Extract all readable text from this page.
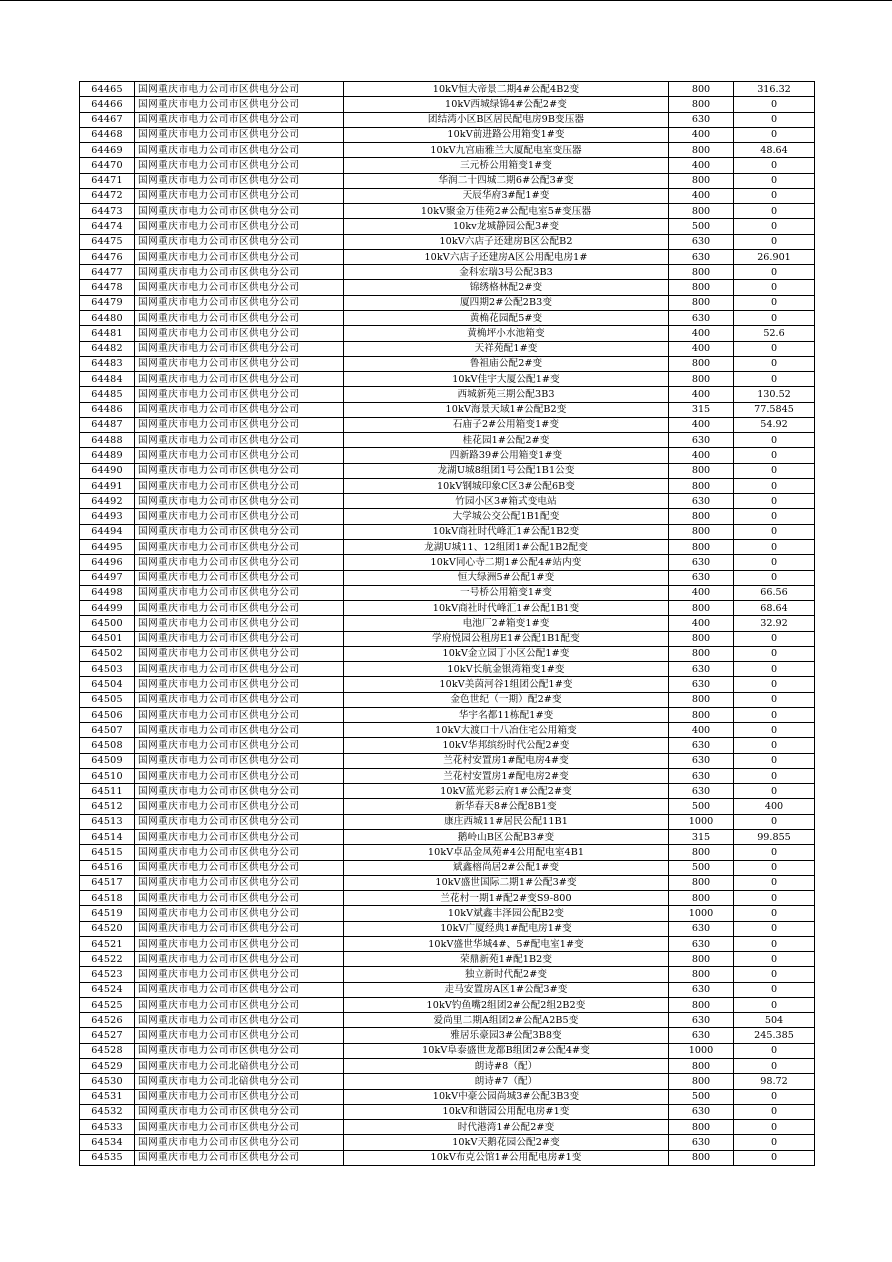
64465	国网重庆市电力公司市区供电分公司	10kV恒大帝景二期4#公配4B2变	800	316.32
64466	国网重庆市电力公司市区供电分公司	10kV西城绿锦4#公配2#变	800	0
64467	国网重庆市电力公司市区供电分公司	团结湾小区B区居民配电房9B变压器	630	0
64468	国网重庆市电力公司市区供电分公司	10kV前进路公用箱变1#变	400	0
64469	国网重庆市电力公司市区供电分公司	10kV九宫庙雅兰大厦配电室变压器	800	48.64
64470	国网重庆市电力公司市区供电分公司	三元桥公用箱变1#变	400	0
64471	国网重庆市电力公司市区供电分公司	华润二十四城二期6#公配3#变	800	0
64472	国网重庆市电力公司市区供电分公司	天辰华府3#配1#变	400	0
64473	国网重庆市电力公司市区供电分公司	10kV聚金万佳苑2#公配电室5#变压器	800	0
64474	国网重庆市电力公司市区供电分公司	10kv龙城静园公配3#变	500	0
64475	国网重庆市电力公司市区供电分公司	10kV六店子还建房B区公配B2	630	0
64476	国网重庆市电力公司市区供电分公司	10kV六店子还建房A区公用配电房1#	630	26.901
64477	国网重庆市电力公司市区供电分公司	金科宏瑞3号公配3B3	800	0
64478	国网重庆市电力公司市区供电分公司	锦绣格林配2#变	800	0
64479	国网重庆市电力公司市区供电分公司	厦四期2#公配2B3变	800	0
64480	国网重庆市电力公司市区供电分公司	黄桷花园配5#变	630	0
64481	国网重庆市电力公司市区供电分公司	黄桷坪小水池箱变	400	52.6
64482	国网重庆市电力公司市区供电分公司	天祥苑配1#变	400	0
64483	国网重庆市电力公司市区供电分公司	鲁祖庙公配2#变	800	0
64484	国网重庆市电力公司市区供电分公司	10kV佳宇大厦公配1#变	800	0
64485	国网重庆市电力公司市区供电分公司	西城新苑三期公配3B3	400	130.52
64486	国网重庆市电力公司市区供电分公司	10kV海景天域1#公配B2变	315	77.5845
64487	国网重庆市电力公司市区供电分公司	石庙子2#公用箱变1#变	400	54.92
64488	国网重庆市电力公司市区供电分公司	桂花园1#公配2#变	630	0
64489	国网重庆市电力公司市区供电分公司	四新路39#公用箱变1#变	400	0
64490	国网重庆市电力公司市区供电分公司	龙湖U城8组团1号公配1B1公变	800	0
64491	国网重庆市电力公司市区供电分公司	10kV钢城印象C区3#公配6B变	800	0
64492	国网重庆市电力公司市区供电分公司	竹园小区3#箱式变电站	630	0
64493	国网重庆市电力公司市区供电分公司	大学城公交公配1B1配变	800	0
64494	国网重庆市电力公司市区供电分公司	10kV商社时代峰汇1#公配1B2变	800	0
64495	国网重庆市电力公司市区供电分公司	龙湖U城11、12组团1#公配1B2配变	800	0
64496	国网重庆市电力公司市区供电分公司	10kV同心寺二期1#公配4#站内变	630	0
64497	国网重庆市电力公司市区供电分公司	恒大绿洲5#公配1#变	630	0
64498	国网重庆市电力公司市区供电分公司	一号桥公用箱变1#变	400	66.56
64499	国网重庆市电力公司市区供电分公司	10kV商社时代峰汇1#公配1B1变	800	68.64
64500	国网重庆市电力公司市区供电分公司	电池厂2#箱变1#变	400	32.92
64501	国网重庆市电力公司市区供电分公司	学府悦园公租房E1#公配1B1配变	800	0
64502	国网重庆市电力公司市区供电分公司	10kV金立园丁小区公配1#变	800	0
64503	国网重庆市电力公司市区供电分公司	10kV长航金银湾箱变1#变	630	0
64504	国网重庆市电力公司市区供电分公司	10kV美茵河谷1组团公配1#变	630	0
64505	国网重庆市电力公司市区供电分公司	金色世纪（一期）配2#变	800	0
64506	国网重庆市电力公司市区供电分公司	华宇名都11栋配1#变	800	0
64507	国网重庆市电力公司市区供电分公司	10kV大渡口十八冶住宅公用箱变	400	0
64508	国网重庆市电力公司市区供电分公司	10kV华邦缤纷时代公配2#变	630	0
64509	国网重庆市电力公司市区供电分公司	兰花村安置房1#配电房4#变	630	0
64510	国网重庆市电力公司市区供电分公司	兰花村安置房1#配电房2#变	630	0
64511	国网重庆市电力公司市区供电分公司	10kV蓝光彩云府1#公配2#变	630	0
64512	国网重庆市电力公司市区供电分公司	新华春天8#公配8B1变	500	400
64513	国网重庆市电力公司市区供电分公司	康庄西城11#居民公配11B1	1000	0
64514	国网重庆市电力公司市区供电分公司	鹅岭山B区公配B3#变	315	99.855
64515	国网重庆市电力公司市区供电分公司	10kV卓品金凤苑#4公用配电室4B1	800	0
64516	国网重庆市电力公司市区供电分公司	斌鑫榕尚居2#公配1#变	500	0
64517	国网重庆市电力公司市区供电分公司	10kV盛世国际二期1#公配3#变	800	0
64518	国网重庆市电力公司市区供电分公司	兰花村一期1#配2#变S9-800	800	0
64519	国网重庆市电力公司市区供电分公司	10kV斌鑫丰泽园公配B2变	1000	0
64520	国网重庆市电力公司市区供电分公司	10kV广厦经典1#配电房1#变	630	0
64521	国网重庆市电力公司市区供电分公司	10kV盛世华城4#、5#配电室1#变	630	0
64522	国网重庆市电力公司市区供电分公司	荣鼎新苑1#配1B2变	800	0
64523	国网重庆市电力公司市区供电分公司	独立新时代配2#变	800	0
64524	国网重庆市电力公司市区供电分公司	走马安置房A区1#公配3#变	630	0
64525	国网重庆市电力公司市区供电分公司	10kV钓鱼嘴2组团2#公配2组2B2变	800	0
64526	国网重庆市电力公司市区供电分公司	爱尚里二期A组团2#公配A2B5变	630	504
64527	国网重庆市电力公司市区供电分公司	雅居乐豪园3#公配3B8变	630	245.385
64528	国网重庆市电力公司市区供电分公司	10kV阜泰盛世龙都B组团2#公配4#变	1000	0
64529	国网重庆市电力公司北碚供电分公司	朗诗#8（配）	800	0
64530	国网重庆市电力公司北碚供电分公司	朗诗#7（配）	800	98.72
64531	国网重庆市电力公司市区供电分公司	10kV中豪公园尚城3#公配3B3变	500	0
64532	国网重庆市电力公司市区供电分公司	10kV和谐园公用配电房#1变	630	0
64533	国网重庆市电力公司市区供电分公司	时代港湾1#公配2#变	800	0
64534	国网重庆市电力公司市区供电分公司	10kV天鹅花园公配2#变	630	0
64535	国网重庆市电力公司市区供电分公司	10kV布克公馆1#公用配电房#1变	800	0
